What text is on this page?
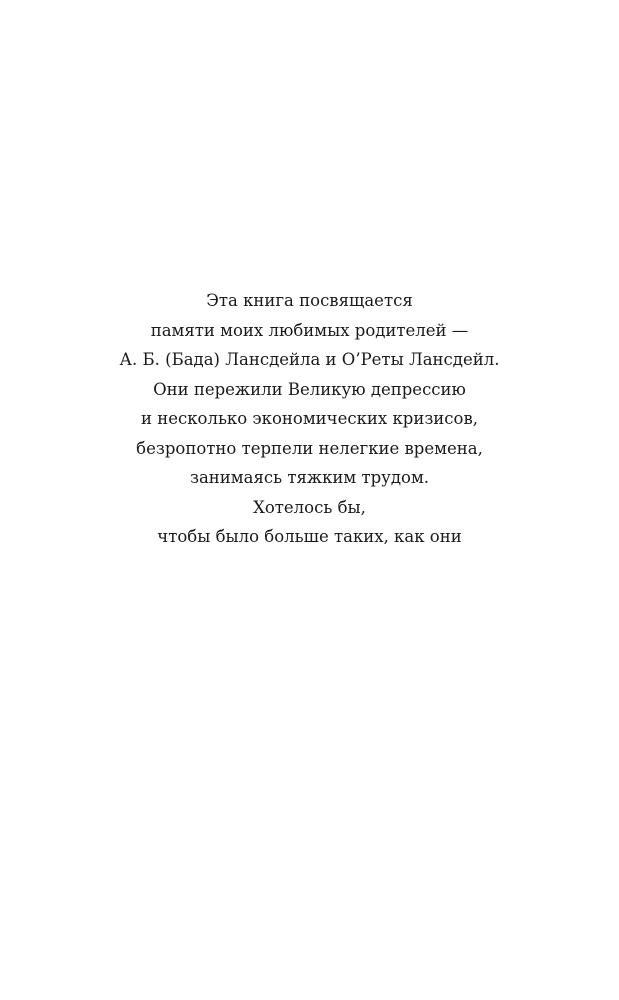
Эта книга посвящается
памяти моих любимых родителей —
А. Б. (Бада) Лансдейла и О’Реты Лансдейл.
Они пережили Великую депрессию
и несколько экономических кризисов,
безропотно терпели нелегкие времена,
занимаясь тяжким трудом.
Хотелось бы,
чтобы было больше таких, как они
